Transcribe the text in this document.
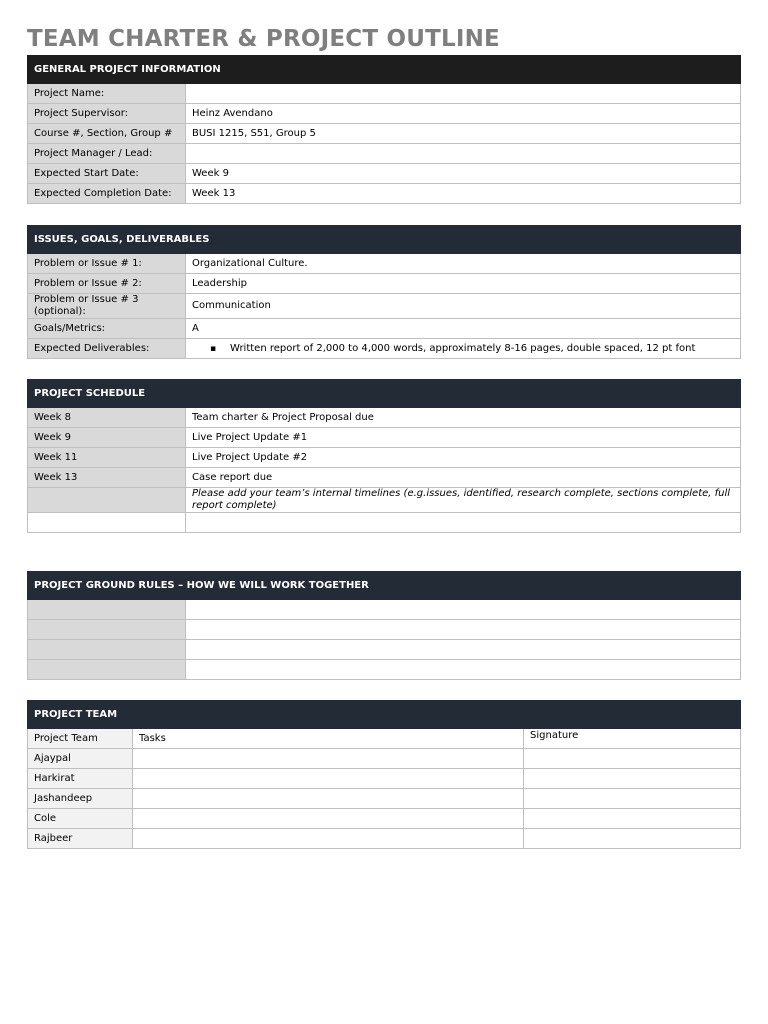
TEAM CHARTER & PROJECT OUTLINE
GENERAL PROJECT INFORMATION	
Project Name:	
Project Supervisor:	Heinz Avendano
Course #, Section, Group #	BUSI 1215, S51, Group 5
Project Manager / Lead:	
Expected Start Date:	Week 9
Expected Completion Date:	Week 13
ISSUES, GOALS, DELIVERABLES	
Problem or Issue # 1:	Organizational Culture.
Problem or Issue # 2:	Leadership
Problem or Issue # 3 (optional):	Communication
Goals/Metrics:	A
Expected Deliverables:	▪ Written report of 2,000 to 4,000 words, approximately 8-16 pages, double spaced, 12 pt font
PROJECT SCHEDULE	
Week 8	Team charter & Project Proposal due
Week 9	Live Project Update #1
Week 11	Live Project Update #2
Week 13	Case report due
	Please add your team’s internal timelines (e.g.issues, identified, research complete, sections complete, full report complete)

PROJECT GROUND RULES – HOW WE WILL WORK TOGETHER	

PROJECT TEAM		
Project Team	Tasks	Signature
Ajaypal		
Harkirat		
Jashandeep		
Cole		
Rajbeer		
